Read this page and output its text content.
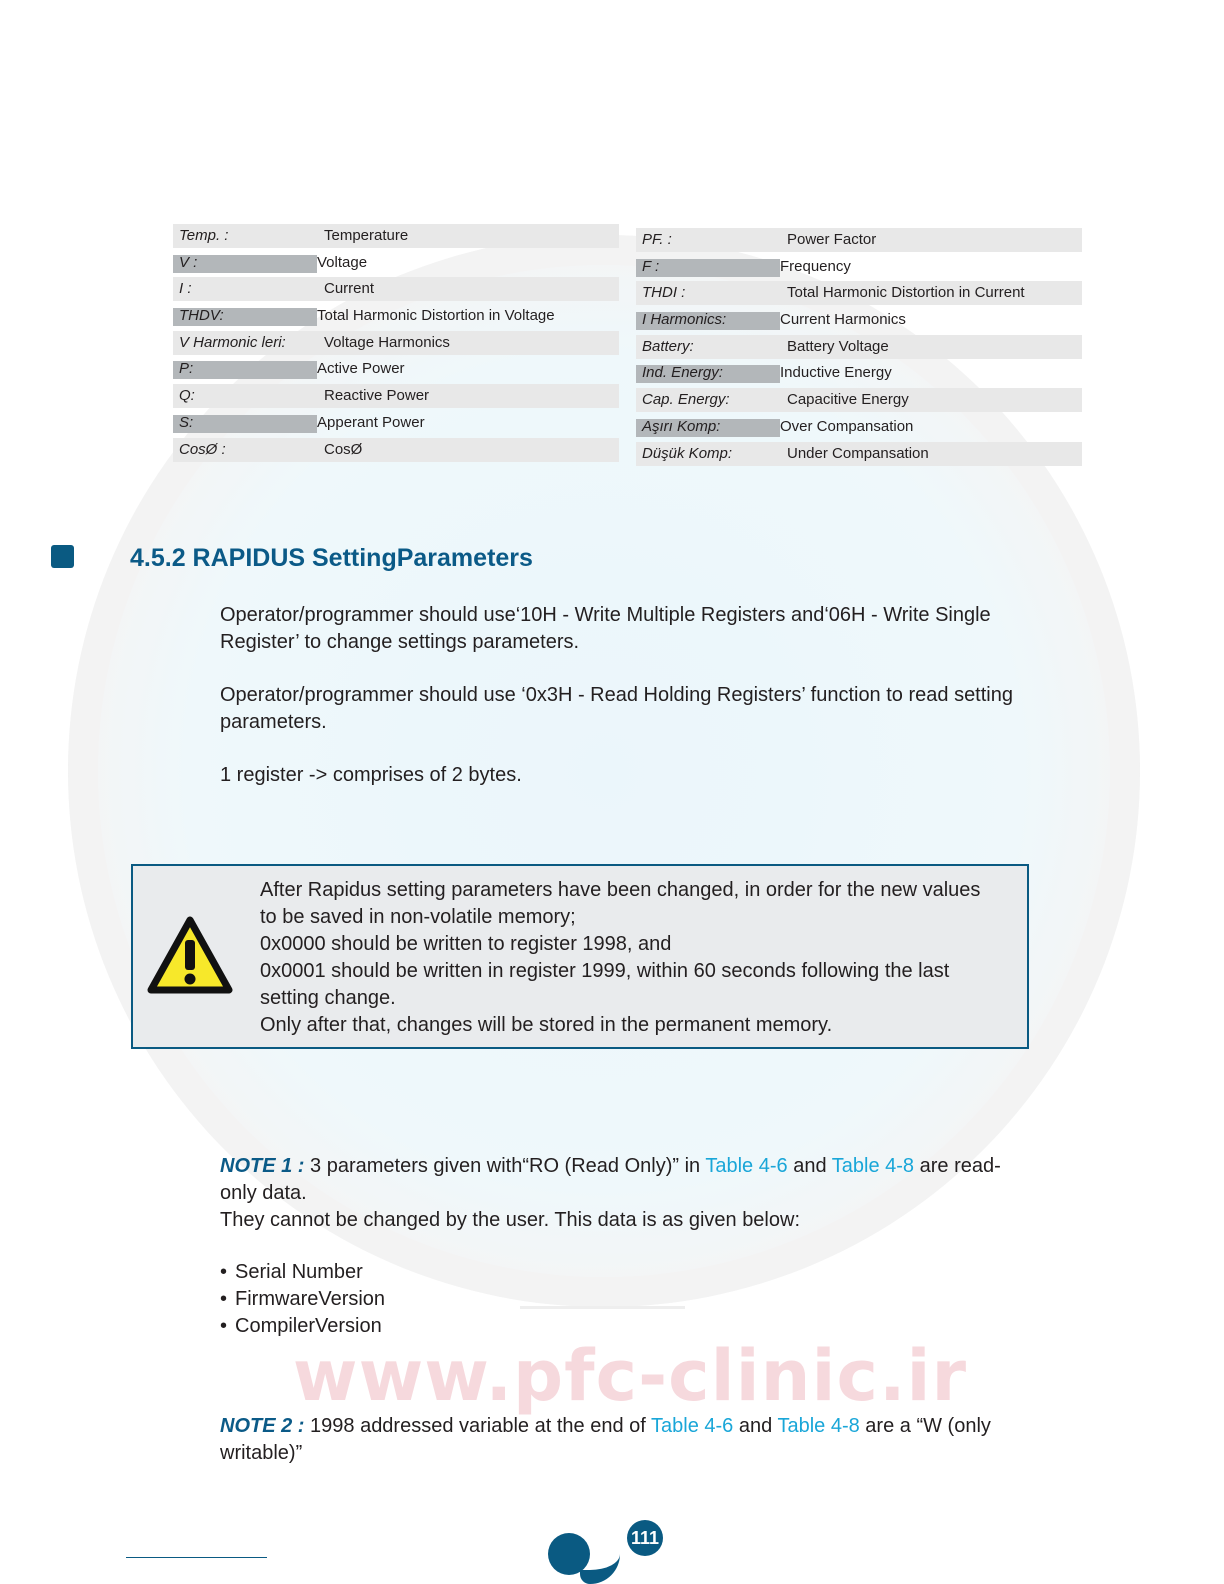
www.pfc-clinic.ir
Temp. :	Temperature
V :	Voltage
I :	Current
THDV:	Total Harmonic Distortion in Voltage
V Harmonic leri:	Voltage Harmonics
P:	Active Power
Q:	Reactive Power
S:	Apperant Power
CosØ :	CosØ
PF. :	Power Factor
F :	Frequency
THDI :	Total Harmonic Distortion in Current
I Harmonics:	Current Harmonics
Battery:	Battery Voltage
Ind. Energy:	Inductive Energy
Cap. Energy:	Capacitive Energy
Aşırı Komp:	Over Compansation
Düşük Komp:	Under Compansation
4.5.2 RAPIDUS SettingParameters

Operator/programmer should use‘10H - Write Multiple Registers and‘06H - Write Single Register’ to change settings parameters.

Operator/programmer should use ‘0x3H - Read Holding Registers’ function to read setting parameters.

1 register -> comprises of 2 bytes.

After Rapidus setting parameters have been changed, in order for the new values
to be saved in non-volatile memory;
0x0000 should be written to register 1998, and
0x0001 should be written in register 1999, within 60 seconds following the last
setting change.
Only after that, changes will be stored in the permanent memory.

NOTE 1 : 3 parameters given with“RO (Read Only)” in Table 4-6 and Table 4-8 are read-only data.

They cannot be changed by the user. This data is as given below:

• Serial Number
• FirmwareVersion
• CompilerVersion

NOTE 2 : 1998 addressed variable at the end of Table 4-6 and Table 4-8 are a “W (only writable)”

111
